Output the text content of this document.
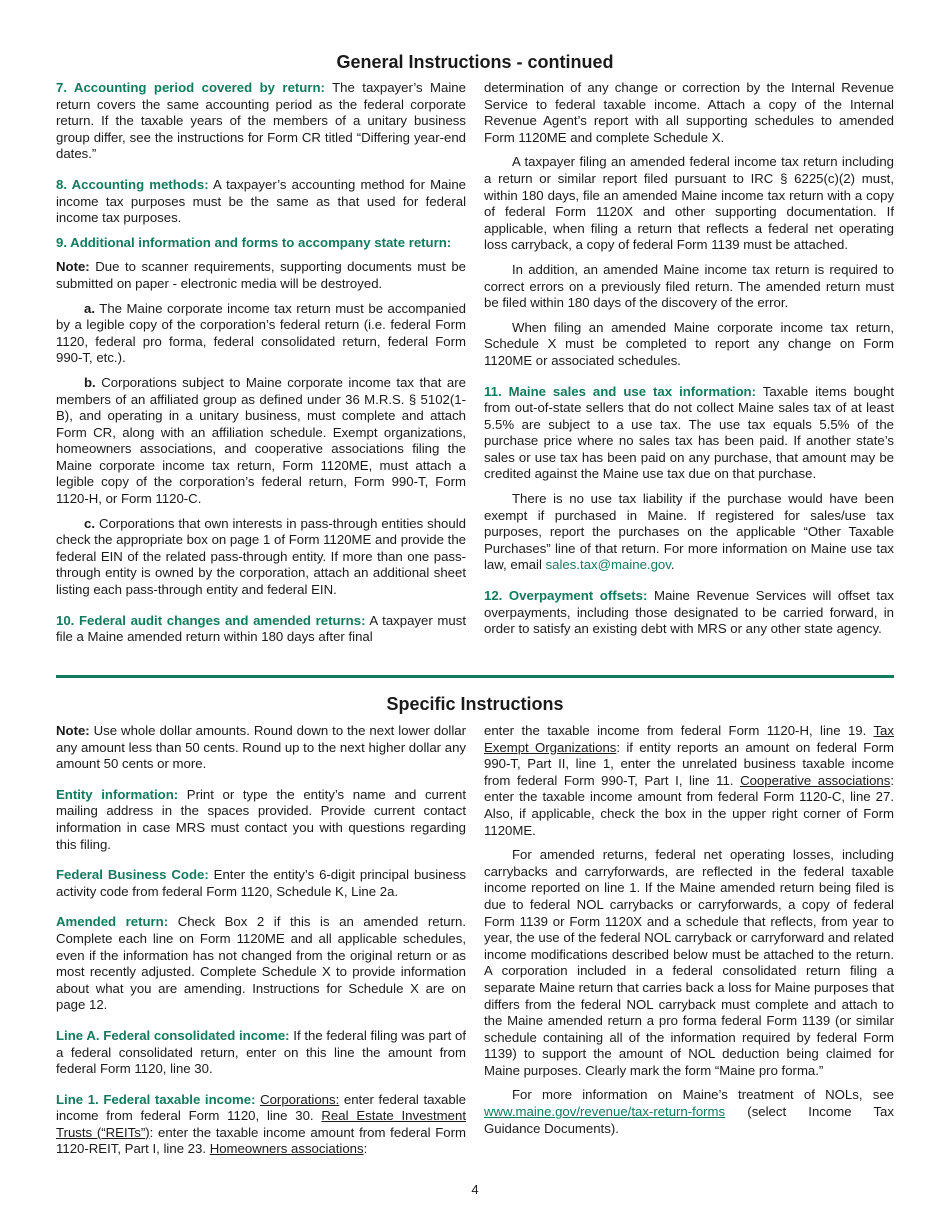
General Instructions - continued

7. Accounting period covered by return: The taxpayer’s Maine return covers the same accounting period as the federal corporate return. If the taxable years of the members of a unitary business group differ, see the instructions for Form CR titled “Differing year-end dates.”

8. Accounting methods: A taxpayer’s accounting method for Maine income tax purposes must be the same as that used for federal income tax purposes.

9. Additional information and forms to accompany state return:

Note: Due to scanner requirements, supporting documents must be submitted on paper - electronic media will be destroyed.

a. The Maine corporate income tax return must be accompanied by a legible copy of the corporation’s federal return (i.e. federal Form 1120, federal pro forma, federal consolidated return, federal Form 990-T, etc.).

b. Corporations subject to Maine corporate income tax that are members of an affiliated group as defined under 36 M.R.S. § 5102(1-B), and operating in a unitary business, must complete and attach Form CR, along with an affiliation schedule. Exempt organizations, homeowners associations, and cooperative associations filing the Maine corporate income tax return, Form 1120ME, must attach a legible copy of the corporation’s federal return, Form 990-T, Form 1120-H, or Form 1120-C.

c. Corporations that own interests in pass-through entities should check the appropriate box on page 1 of Form 1120ME and provide the federal EIN of the related pass-through entity. If more than one pass-through entity is owned by the corporation, attach an additional sheet listing each pass-through entity and federal EIN.

10. Federal audit changes and amended returns: A taxpayer must file a Maine amended return within 180 days after final

determination of any change or correction by the Internal Revenue Service to federal taxable income. Attach a copy of the Internal Revenue Agent’s report with all supporting schedules to amended Form 1120ME and complete Schedule X.

A taxpayer filing an amended federal income tax return including a return or similar report filed pursuant to IRC § 6225(c)(2) must, within 180 days, file an amended Maine income tax return with a copy of federal Form 1120X and other supporting documentation. If applicable, when filing a return that reflects a federal net operating loss carryback, a copy of federal Form 1139 must be attached.

In addition, an amended Maine income tax return is required to correct errors on a previously filed return. The amended return must be filed within 180 days of the discovery of the error.

When filing an amended Maine corporate income tax return, Schedule X must be completed to report any change on Form 1120ME or associated schedules.

11. Maine sales and use tax information: Taxable items bought from out-of-state sellers that do not collect Maine sales tax of at least 5.5% are subject to a use tax. The use tax equals 5.5% of the purchase price where no sales tax has been paid. If another state’s sales or use tax has been paid on any purchase, that amount may be credited against the Maine use tax due on that purchase.

There is no use tax liability if the purchase would have been exempt if purchased in Maine. If registered for sales/use tax purposes, report the purchases on the applicable “Other Taxable Purchases” line of that return. For more information on Maine use tax law, email sales.tax@maine.gov.

12. Overpayment offsets: Maine Revenue Services will offset tax overpayments, including those designated to be carried forward, in order to satisfy an existing debt with MRS or any other state agency.

Specific Instructions

Note: Use whole dollar amounts. Round down to the next lower dollar any amount less than 50 cents. Round up to the next higher dollar any amount 50 cents or more.

Entity information: Print or type the entity’s name and current mailing address in the spaces provided. Provide current contact information in case MRS must contact you with questions regarding this filing.

Federal Business Code: Enter the entity’s 6-digit principal business activity code from federal Form 1120, Schedule K, Line 2a.

Amended return: Check Box 2 if this is an amended return. Complete each line on Form 1120ME and all applicable schedules, even if the information has not changed from the original return or as most recently adjusted. Complete Schedule X to provide information about what you are amending. Instructions for Schedule X are on page 12.

Line A. Federal consolidated income: If the federal filing was part of a federal consolidated return, enter on this line the amount from federal Form 1120, line 30.

Line 1. Federal taxable income: Corporations: enter federal taxable income from federal Form 1120, line 30. Real Estate Investment Trusts (“REITs”): enter the taxable income amount from federal Form 1120-REIT, Part I, line 23. Homeowners associations:

enter the taxable income from federal Form 1120-H, line 19. Tax Exempt Organizations: if entity reports an amount on federal Form 990-T, Part II, line 1, enter the unrelated business taxable income from federal Form 990-T, Part I, line 11. Cooperative associations: enter the taxable income amount from federal Form 1120-C, line 27. Also, if applicable, check the box in the upper right corner of Form 1120ME.

For amended returns, federal net operating losses, including carrybacks and carryforwards, are reflected in the federal taxable income reported on line 1. If the Maine amended return being filed is due to federal NOL carrybacks or carryforwards, a copy of federal Form 1139 or Form 1120X and a schedule that reflects, from year to year, the use of the federal NOL carryback or carryforward and related income modifications described below must be attached to the return. A corporation included in a federal consolidated return filing a separate Maine return that carries back a loss for Maine purposes that differs from the federal NOL carryback must complete and attach to the Maine amended return a pro forma federal Form 1139 (or similar schedule containing all of the information required by federal Form 1139) to support the amount of NOL deduction being claimed for Maine purposes. Clearly mark the form “Maine pro forma.”

For more information on Maine’s treatment of NOLs, see www.maine.gov/revenue/tax-return-forms (select Income Tax Guidance Documents).

4
